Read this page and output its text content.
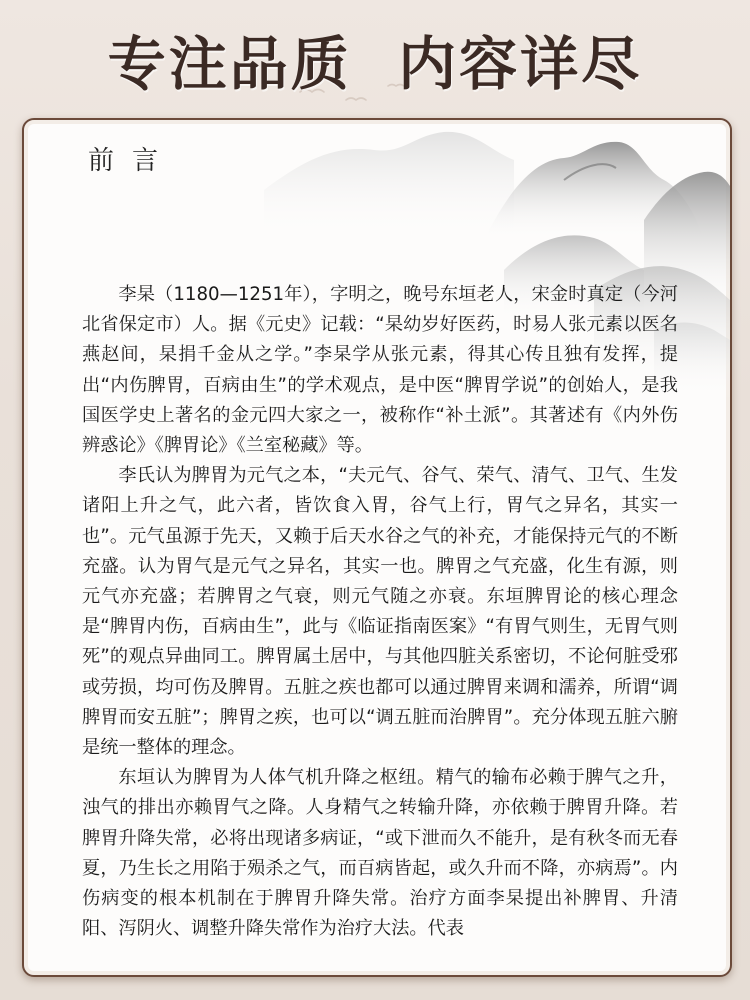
专注品质  内容详尽
前言

李杲（1180—1251年），字明之，晚号东垣老人，宋金时真定（今河北省保定市）人。据《元史》记载：“杲幼岁好医药，时易人张元素以医名燕赵间，杲捐千金从之学。”李杲学从张元素，得其心传且独有发挥，提出“内伤脾胃，百病由生”的学术观点，是中医“脾胃学说”的创始人，是我国医学史上著名的金元四大家之一，被称作“补土派”。其著述有《内外伤辨惑论》《脾胃论》《兰室秘藏》等。

李氏认为脾胃为元气之本，“夫元气、谷气、荣气、清气、卫气、生发诸阳上升之气，此六者，皆饮食入胃，谷气上行，胃气之异名，其实一也”。元气虽源于先天，又赖于后天水谷之气的补充，才能保持元气的不断充盛。认为胃气是元气之异名，其实一也。脾胃之气充盛，化生有源，则元气亦充盛；若脾胃之气衰，则元气随之亦衰。东垣脾胃论的核心理念是“脾胃内伤，百病由生”，此与《临证指南医案》“有胃气则生，无胃气则死”的观点异曲同工。脾胃属土居中，与其他四脏关系密切，不论何脏受邪或劳损，均可伤及脾胃。五脏之疾也都可以通过脾胃来调和濡养，所谓“调脾胃而安五脏”；脾胃之疾，也可以“调五脏而治脾胃”。充分体现五脏六腑是统一整体的理念。

东垣认为脾胃为人体气机升降之枢纽。精气的输布必赖于脾气之升，浊气的排出亦赖胃气之降。人身精气之转输升降，亦依赖于脾胃升降。若脾胃升降失常，必将出现诸多病证，“或下泄而久不能升，是有秋冬而无春夏，乃生长之用陷于殒杀之气，而百病皆起，或久升而不降，亦病焉”。内伤病变的根本机制在于脾胃升降失常。治疗方面李杲提出补脾胃、升清阳、泻阴火、调整升降失常作为治疗大法。代表
